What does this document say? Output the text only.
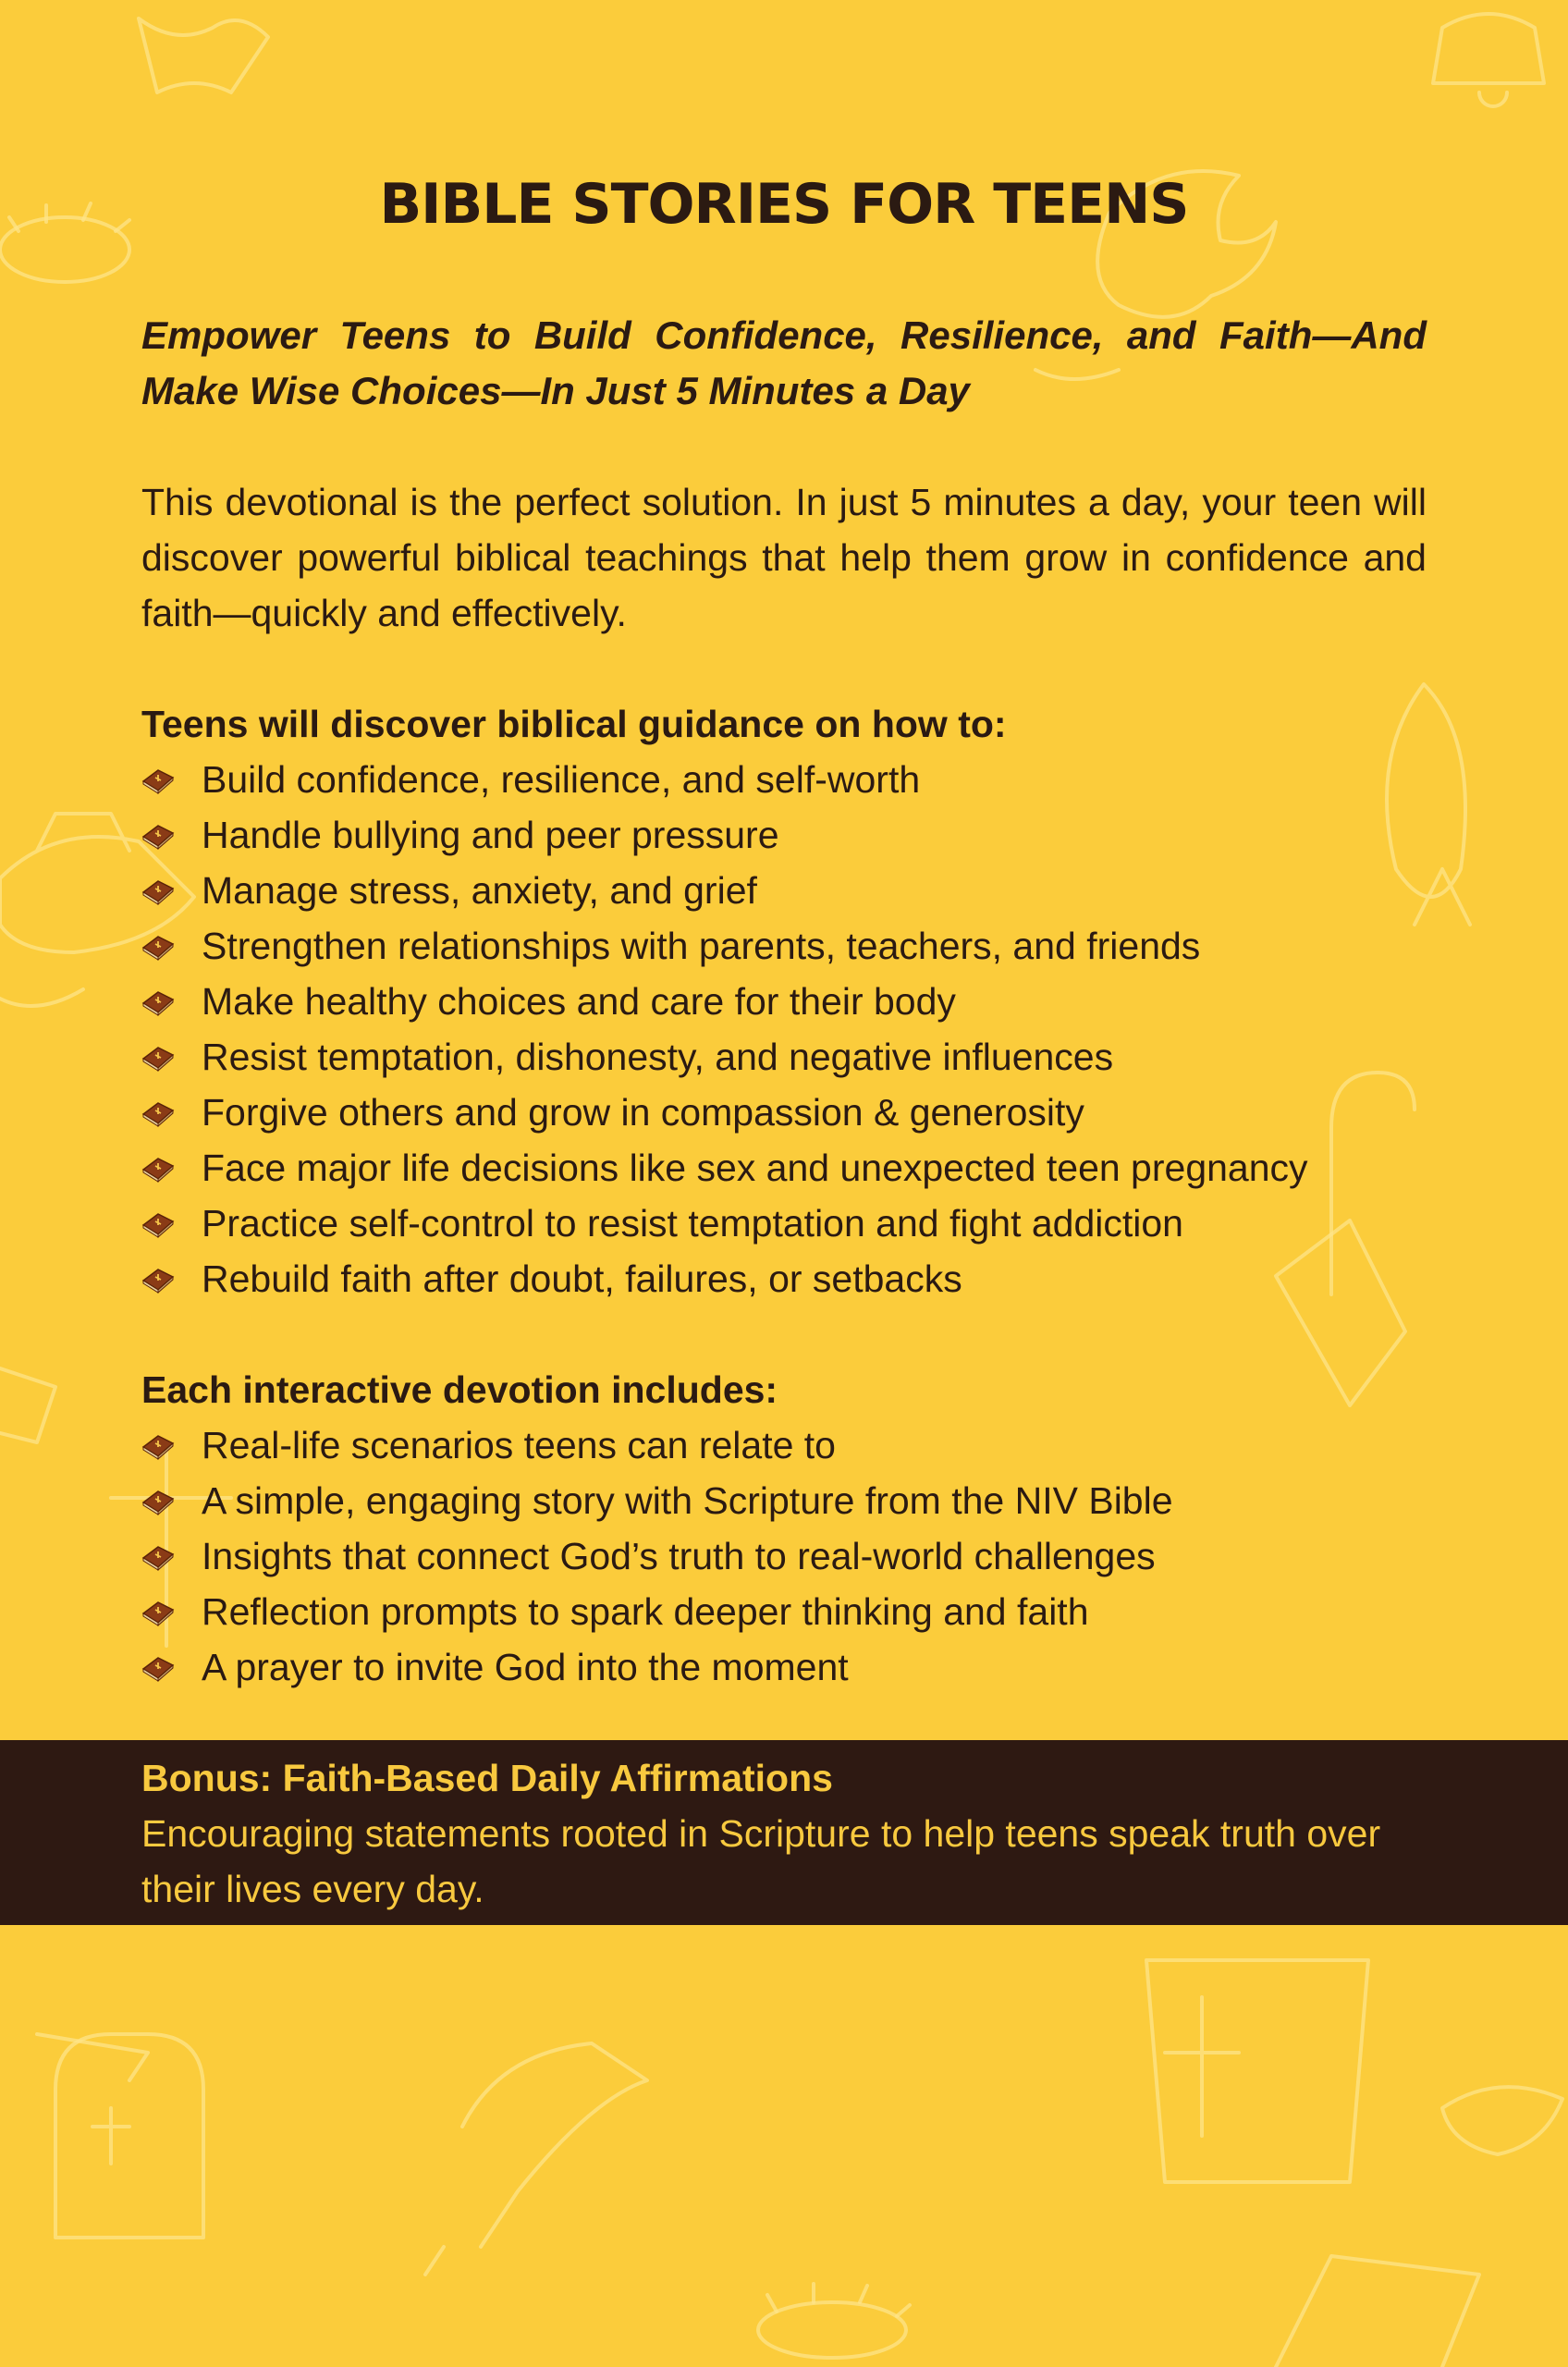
BIBLE STORIES FOR TEENS

Empower Teens to Build Confidence, Resilience, and Faith—And Make Wise Choices—In Just 5 Minutes a Day

This devotional is the perfect solution. In just 5 minutes a day, your teen will discover powerful biblical teachings that help them grow in confidence and faith—quickly and effectively.

Teens will discover biblical guidance on how to:
Build confidence, resilience, and self-worth
Handle bullying and peer pressure
Manage stress, anxiety, and grief
Strengthen relationships with parents, teachers, and friends
Make healthy choices and care for their body
Resist temptation, dishonesty, and negative influences
Forgive others and grow in compassion & generosity
Face major life decisions like sex and unexpected teen pregnancy
Practice self-control to resist temptation and fight addiction
Rebuild faith after doubt, failures, or setbacks
Each interactive devotion includes:
Real-life scenarios teens can relate to
A simple, engaging story with Scripture from the NIV Bible
Insights that connect God’s truth to real-world challenges
Reflection prompts to spark deeper thinking and faith
A prayer to invite God into the moment

Bonus: Faith-Based Daily Affirmations

Encouraging statements rooted in Scripture to help teens speak truth over their lives every day.
